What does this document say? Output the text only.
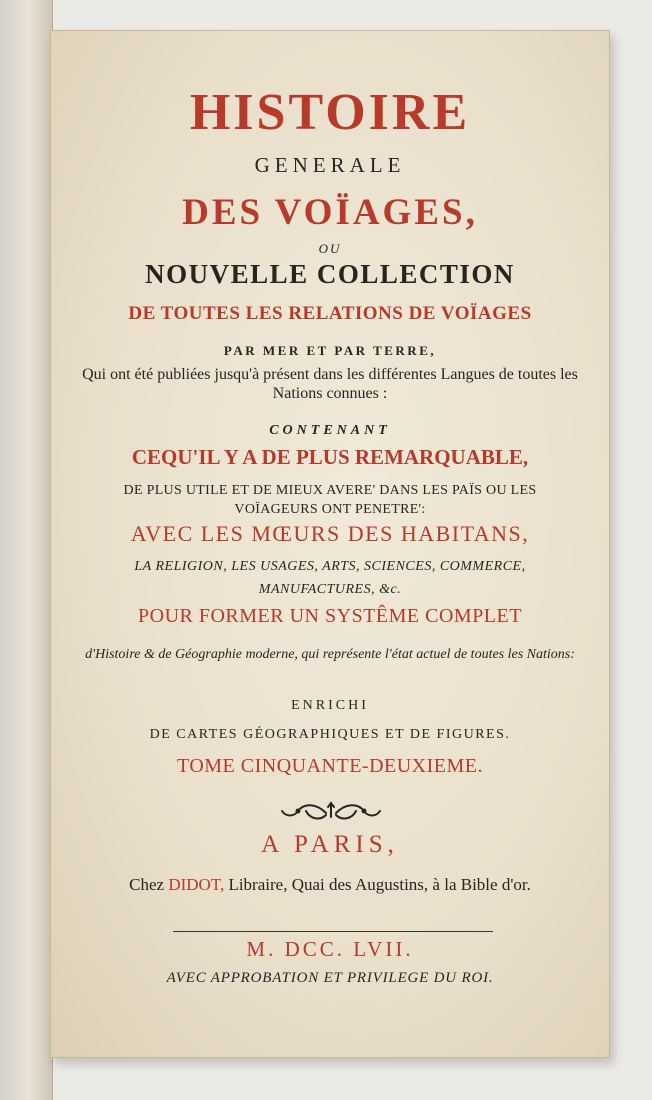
HISTOIRE
GENERALE
DES VOÏAGES,
OU
NOUVELLE COLLECTION
DE TOUTES LES RELATIONS DE VOÏAGES
PAR MER ET PAR TERRE,
Qui ont été publiées jusqu'à présent dans les différentes Langues de toutes les Nations connues :
CONTENANT
CEQU'IL Y A DE PLUS REMARQUABLE,
DE PLUS UTILE ET DE MIEUX AVERE' DANS LES PAÏS OU LES VOÏAGEURS ONT PENETRE':
AVEC LES MŒURS DES HABITANS,
LA RELIGION, LES USAGES, ARTS, SCIENCES, COMMERCE, MANUFACTURES, &c.
POUR FORMER UN SYSTÊME COMPLET
d'Histoire & de Géographie moderne, qui représente l'état actuel de toutes les Nations:
ENRICHI
DE CARTES GÉOGRAPHIQUES ET DE FIGURES.
TOME CINQUANTE-DEUXIEME.
A PARIS,
Chez DIDOT, Libraire, Quai des Augustins, à la Bible d'or.
M. DCC. LVII.
AVEC APPROBATION ET PRIVILEGE DU ROI.
